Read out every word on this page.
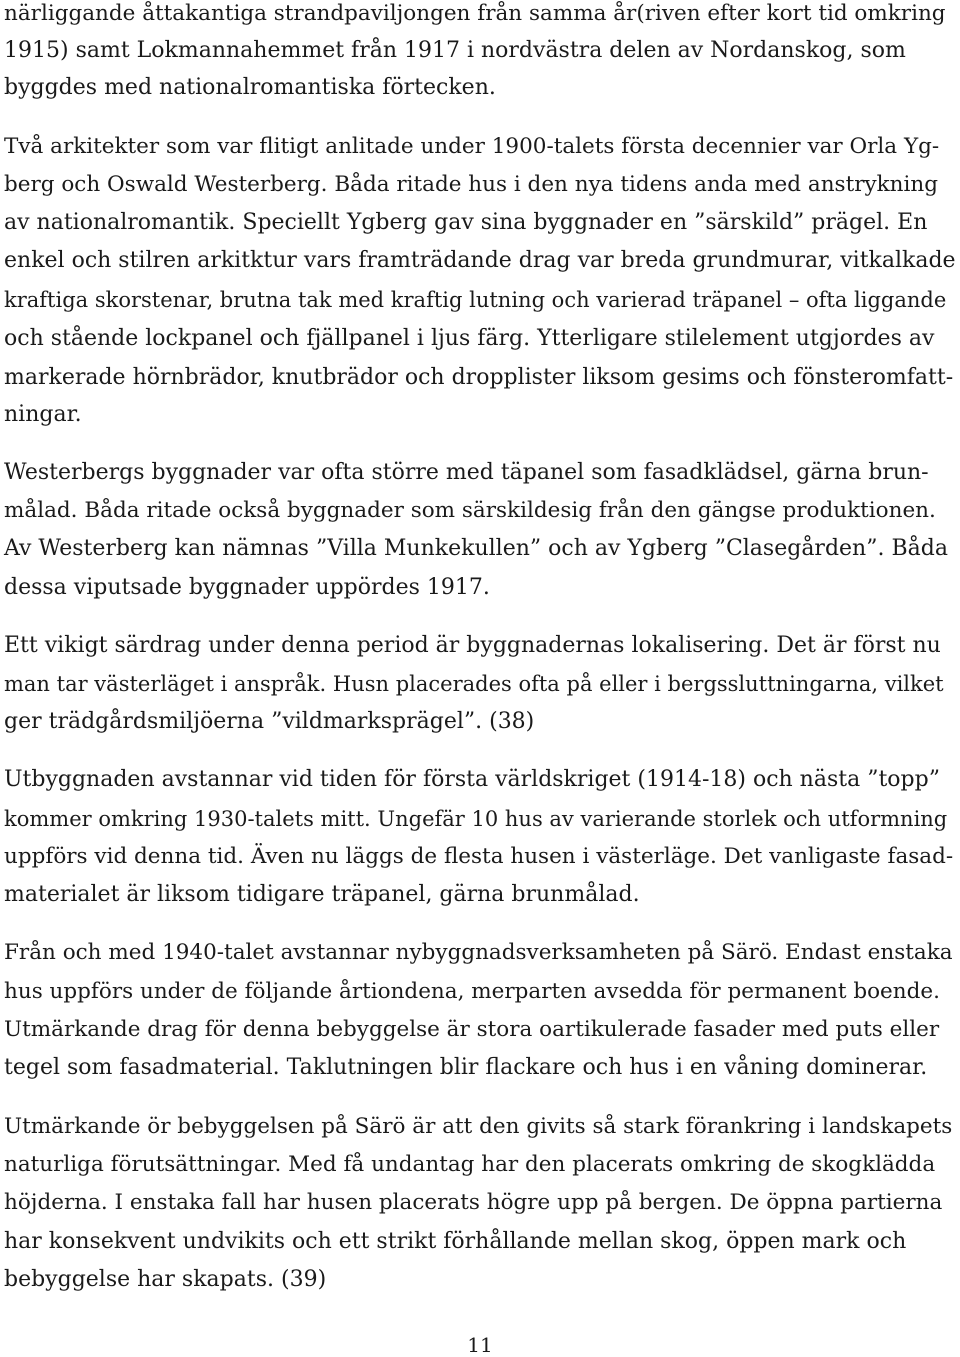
närliggande åttakantiga strandpaviljongen från samma år(riven efter kort tid omkring
1915) samt Lokmannahemmet från 1917 i nordvästra delen av Nordanskog, som
byggdes med nationalromantiska förtecken.
Två arkitekter som var flitigt anlitade under 1900-talets första decennier var Orla Yg-
berg och Oswald Westerberg. Båda ritade hus i den nya tidens anda med anstrykning
av nationalromantik. Speciellt Ygberg gav sina byggnader en ”särskild” prägel. En
enkel och stilren arkitktur vars framträdande drag var breda grundmurar, vitkalkade
kraftiga skorstenar, brutna tak med kraftig lutning och varierad träpanel – ofta liggande
och stående lockpanel och fjällpanel i ljus färg. Ytterligare stilelement utgjordes av
markerade hörnbrädor, knutbrädor och dropplister liksom gesims och fönsteromfatt-
ningar.
Westerbergs byggnader var ofta större med täpanel som fasadklädsel, gärna brun-
målad. Båda ritade också byggnader som särskildesig från den gängse produktionen.
Av Westerberg kan nämnas ”Villa Munkekullen” och av Ygberg ”Clasegården”. Båda
dessa viputsade byggnader uppördes 1917.
Ett vikigt särdrag under denna period är byggnadernas lokalisering. Det är först nu
man tar västerläget i anspråk. Husn placerades ofta på eller i bergssluttningarna, vilket
ger trädgårdsmiljöerna ”vildmarksprägel”. (38)
Utbyggnaden avstannar vid tiden för första världskriget (1914-18) och nästa ”topp”
kommer omkring 1930-talets mitt. Ungefär 10 hus av varierande storlek och utformning
uppförs vid denna tid. Även nu läggs de flesta husen i västerläge. Det vanligaste fasad-
materialet är liksom tidigare träpanel, gärna brunmålad.
Från och med 1940-talet avstannar nybyggnadsverksamheten på Särö. Endast enstaka
hus uppförs under de följande årtiondena, merparten avsedda för permanent boende.
Utmärkande drag för denna bebyggelse är stora oartikulerade fasader med puts eller
tegel som fasadmaterial. Taklutningen blir flackare och hus i en våning dominerar.
Utmärkande ör bebyggelsen på Särö är att den givits så stark förankring i landskapets
naturliga förutsättningar. Med få undantag har den placerats omkring de skogklädda
höjderna. I enstaka fall har husen placerats högre upp på bergen. De öppna partierna
har konsekvent undvikits och ett strikt förhållande mellan skog, öppen mark och
bebyggelse har skapats. (39)
11
